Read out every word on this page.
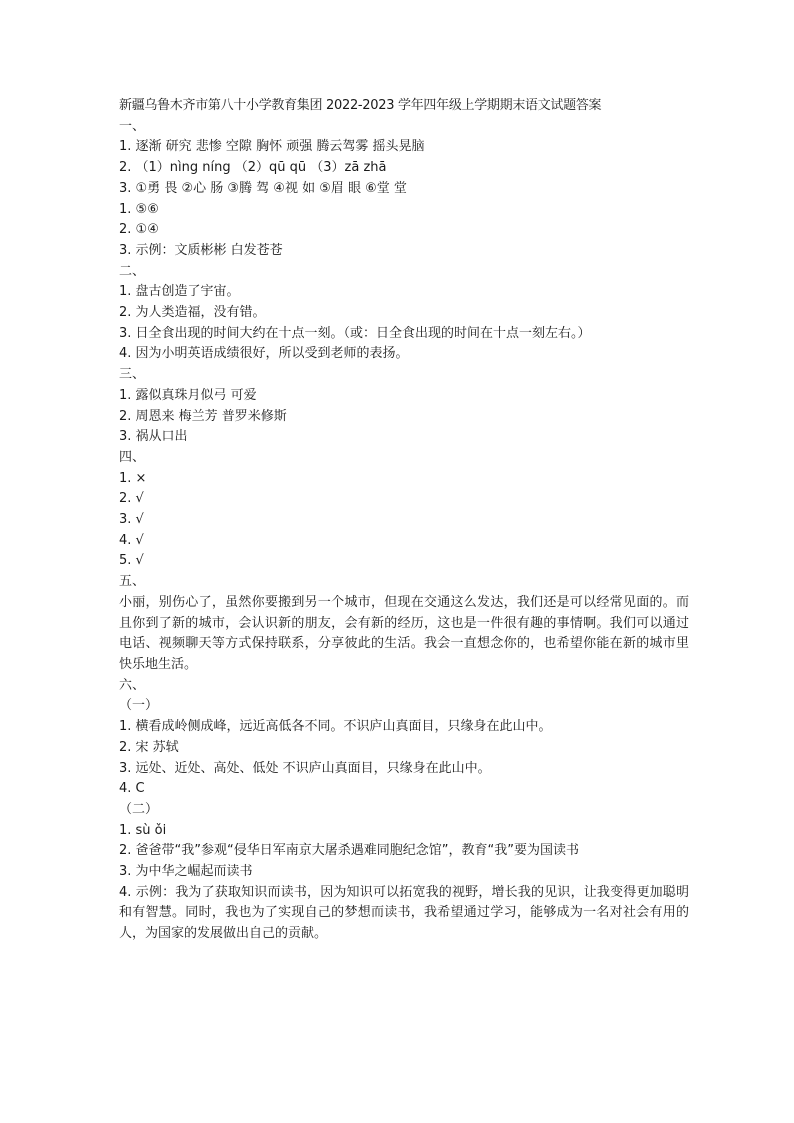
新疆乌鲁木齐市第八十小学教育集团 2022-2023 学年四年级上学期期末语文试题答案
一、
1. 逐渐 研究 悲惨 空隙 胸怀 顽强 腾云驾雾 摇头晃脑
2. （1）nìng níng （2）qū qū （3）zā zhā
3. ①勇 畏 ②心 肠 ③腾 驾 ④视 如 ⑤眉 眼 ⑥堂 堂
1. ⑤⑥
2. ①④
3. 示例：文质彬彬 白发苍苍
二、
1. 盘古创造了宇宙。
2. 为人类造福，没有错。
3. 日全食出现的时间大约在十点一刻。（或：日全食出现的时间在十点一刻左右。）
4. 因为小明英语成绩很好，所以受到老师的表扬。
三、
1. 露似真珠月似弓 可爱
2. 周恩来 梅兰芳 普罗米修斯
3. 祸从口出
四、
1. ×
2. √
3. √
4. √
5. √
五、
小丽，别伤心了，虽然你要搬到另一个城市，但现在交通这么发达，我们还是可以经常见面的。而且你到了新的城市，会认识新的朋友，会有新的经历，这也是一件很有趣的事情啊。我们可以通过电话、视频聊天等方式保持联系，分享彼此的生活。我会一直想念你的，也希望你能在新的城市里快乐地生活。
六、
（一）
1. 横看成岭侧成峰，远近高低各不同。不识庐山真面目，只缘身在此山中。
2. 宋 苏轼
3. 远处、近处、高处、低处 不识庐山真面目，只缘身在此山中。
4. C
（二）
1. sù ǒi
2. 爸爸带“我”参观“侵华日军南京大屠杀遇难同胞纪念馆”，教育“我”要为国读书
3. 为中华之崛起而读书
4. 示例：我为了获取知识而读书，因为知识可以拓宽我的视野，增长我的见识，让我变得更加聪明和有智慧。同时，我也为了实现自己的梦想而读书，我希望通过学习，能够成为一名对社会有用的人，为国家的发展做出自己的贡献。
